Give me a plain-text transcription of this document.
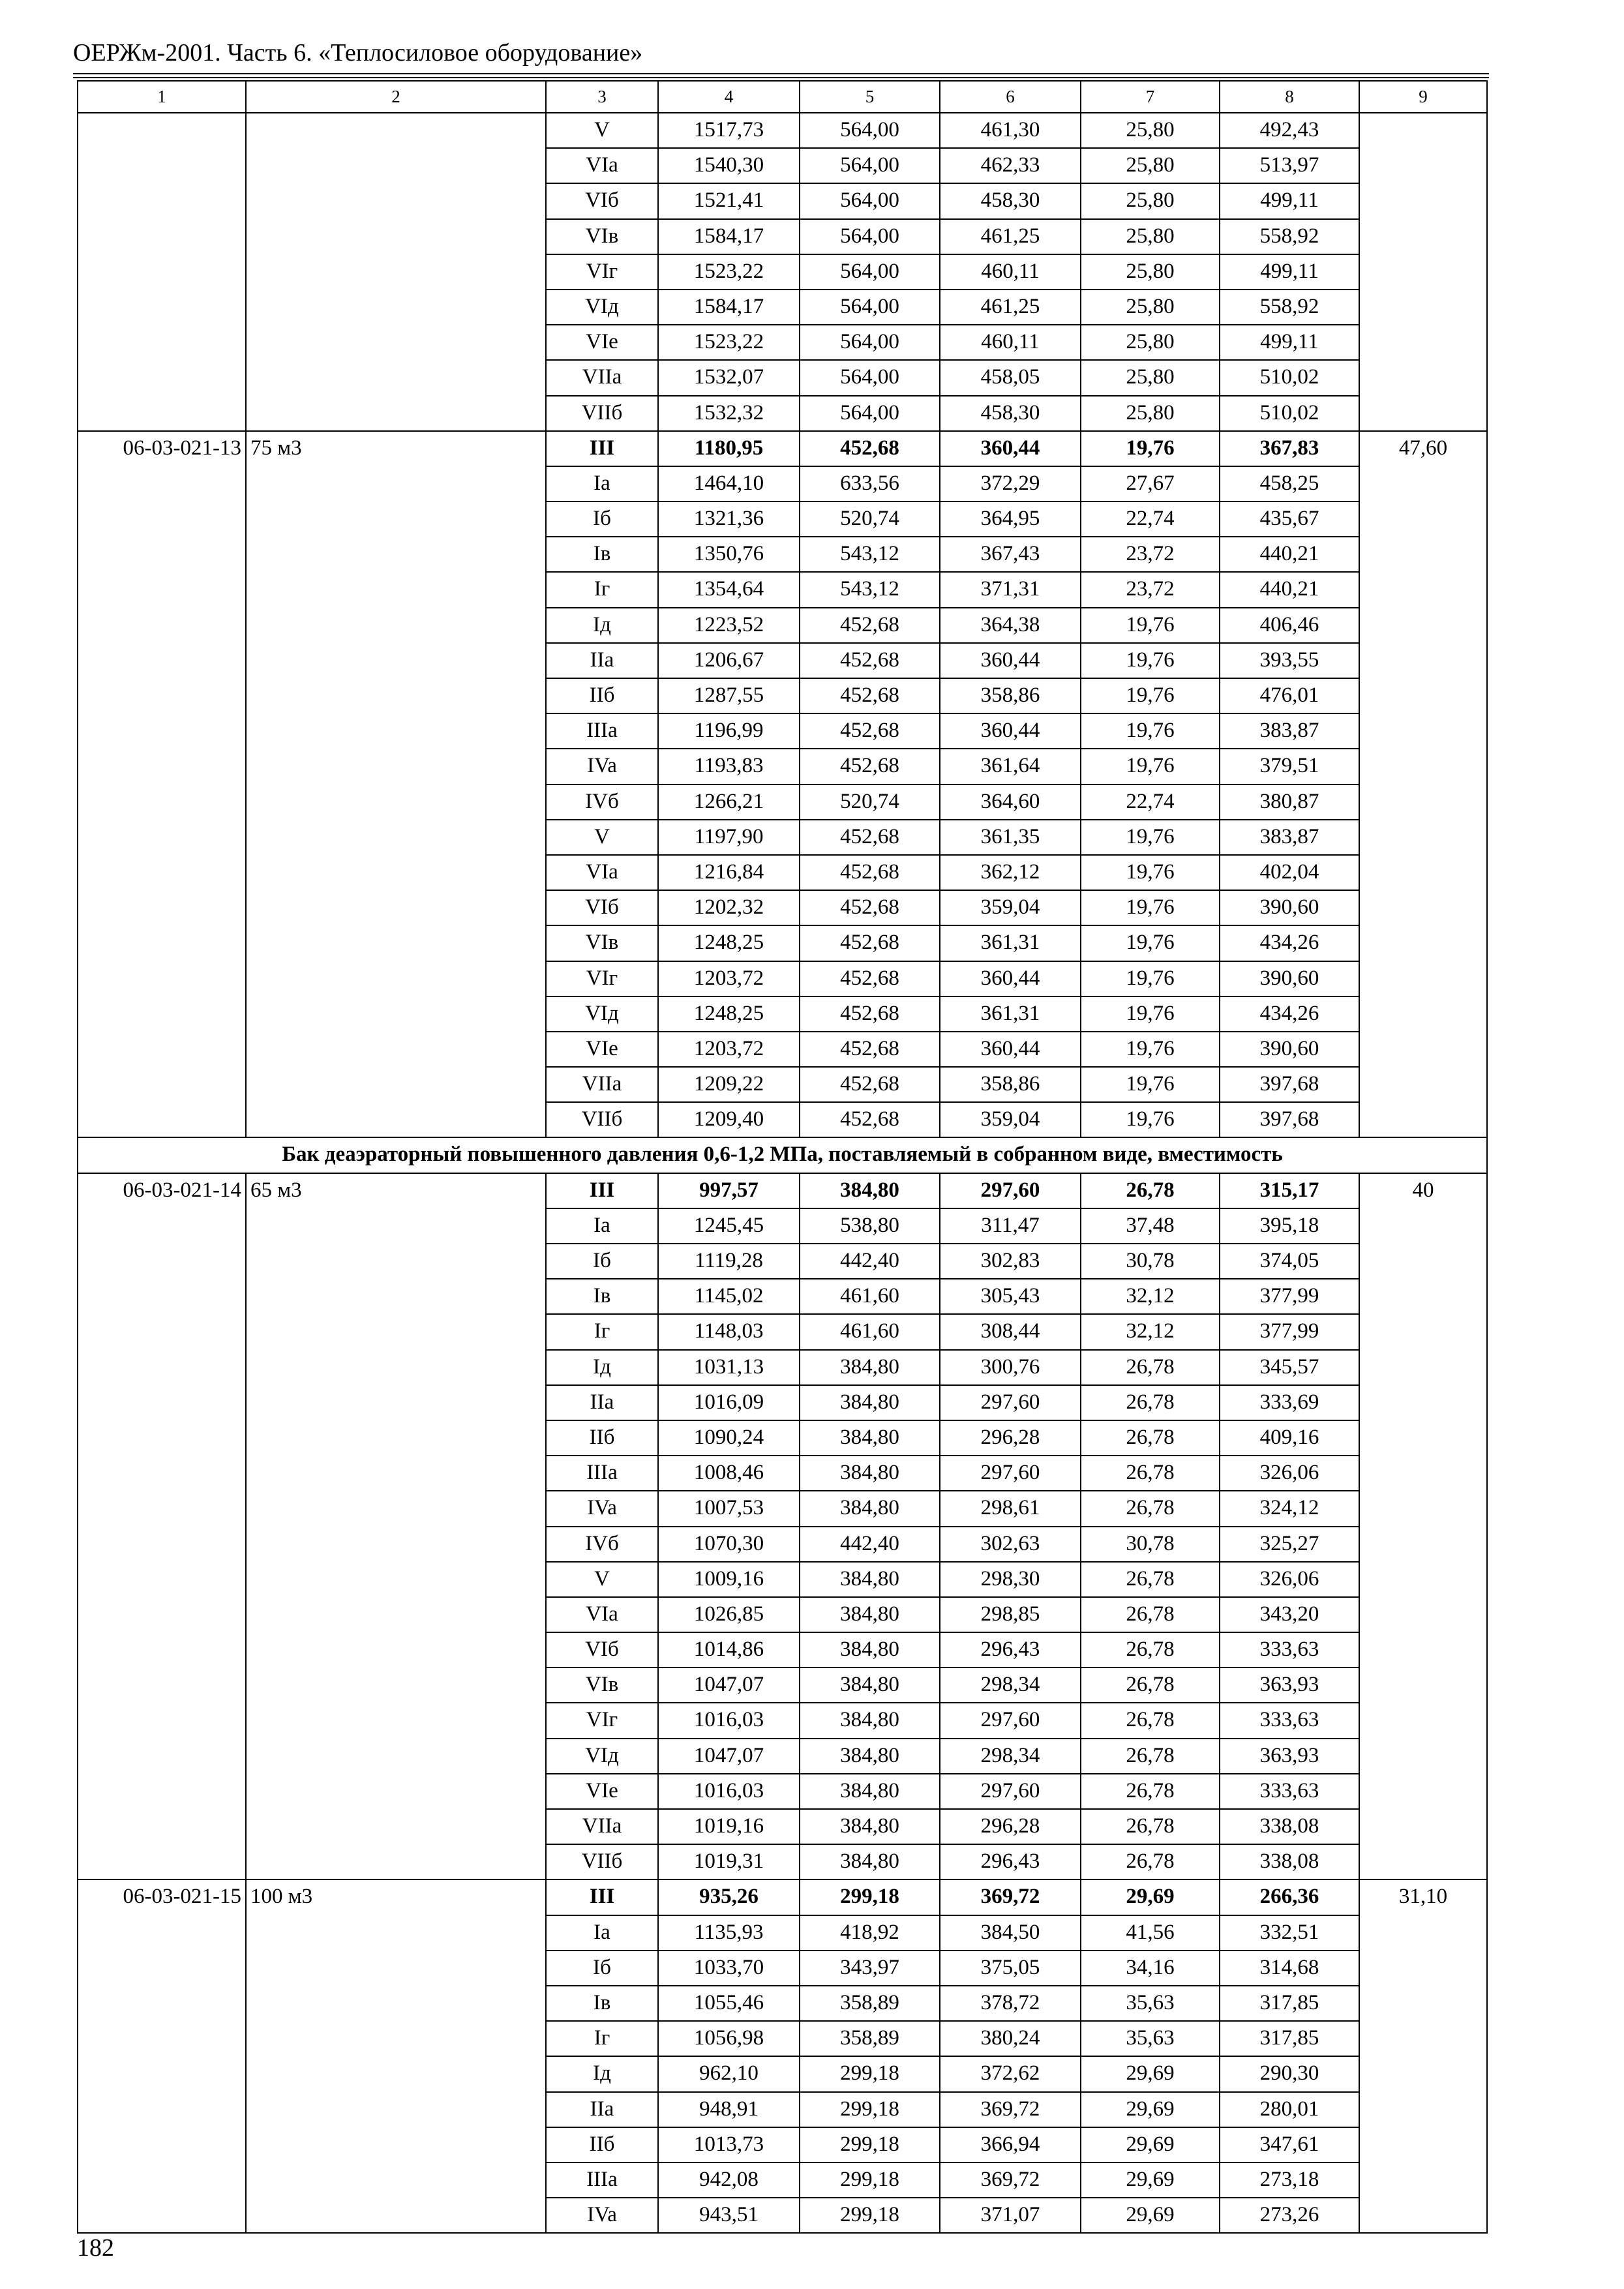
ОЕРЖм-2001. Часть 6. «Теплосиловое оборудование»
1	2	3	4	5	6	7	8	9
		V	1517,73	564,00	461,30	25,80	492,43	
		VIa	1540,30	564,00	462,33	25,80	513,97	
		VIб	1521,41	564,00	458,30	25,80	499,11	
		VIв	1584,17	564,00	461,25	25,80	558,92	
		VIг	1523,22	564,00	460,11	25,80	499,11	
		VIд	1584,17	564,00	461,25	25,80	558,92	
		VIе	1523,22	564,00	460,11	25,80	499,11	
		VIIa	1532,07	564,00	458,05	25,80	510,02	
		VIIб	1532,32	564,00	458,30	25,80	510,02	
06-03-021-13	75 м3	III	1180,95	452,68	360,44	19,76	367,83	47,60
		Ia	1464,10	633,56	372,29	27,67	458,25	
		Iб	1321,36	520,74	364,95	22,74	435,67	
		Iв	1350,76	543,12	367,43	23,72	440,21	
		Iг	1354,64	543,12	371,31	23,72	440,21	
		Iд	1223,52	452,68	364,38	19,76	406,46	
		IIa	1206,67	452,68	360,44	19,76	393,55	
		IIб	1287,55	452,68	358,86	19,76	476,01	
		IIIa	1196,99	452,68	360,44	19,76	383,87	
		IVa	1193,83	452,68	361,64	19,76	379,51	
		IVб	1266,21	520,74	364,60	22,74	380,87	
		V	1197,90	452,68	361,35	19,76	383,87	
		VIa	1216,84	452,68	362,12	19,76	402,04	
		VIб	1202,32	452,68	359,04	19,76	390,60	
		VIв	1248,25	452,68	361,31	19,76	434,26	
		VIг	1203,72	452,68	360,44	19,76	390,60	
		VIд	1248,25	452,68	361,31	19,76	434,26	
		VIе	1203,72	452,68	360,44	19,76	390,60	
		VIIa	1209,22	452,68	358,86	19,76	397,68	
		VIIб	1209,40	452,68	359,04	19,76	397,68	
Бак деаэраторный повышенного давления 0,6-1,2 МПа, поставляемый в собранном виде, вместимость								
06-03-021-14	65 м3	III	997,57	384,80	297,60	26,78	315,17	40
		Ia	1245,45	538,80	311,47	37,48	395,18	
		Iб	1119,28	442,40	302,83	30,78	374,05	
		Iв	1145,02	461,60	305,43	32,12	377,99	
		Iг	1148,03	461,60	308,44	32,12	377,99	
		Iд	1031,13	384,80	300,76	26,78	345,57	
		IIa	1016,09	384,80	297,60	26,78	333,69	
		IIб	1090,24	384,80	296,28	26,78	409,16	
		IIIa	1008,46	384,80	297,60	26,78	326,06	
		IVa	1007,53	384,80	298,61	26,78	324,12	
		IVб	1070,30	442,40	302,63	30,78	325,27	
		V	1009,16	384,80	298,30	26,78	326,06	
		VIa	1026,85	384,80	298,85	26,78	343,20	
		VIб	1014,86	384,80	296,43	26,78	333,63	
		VIв	1047,07	384,80	298,34	26,78	363,93	
		VIг	1016,03	384,80	297,60	26,78	333,63	
		VIд	1047,07	384,80	298,34	26,78	363,93	
		VIе	1016,03	384,80	297,60	26,78	333,63	
		VIIa	1019,16	384,80	296,28	26,78	338,08	
		VIIб	1019,31	384,80	296,43	26,78	338,08	
06-03-021-15	100 м3	III	935,26	299,18	369,72	29,69	266,36	31,10
		Ia	1135,93	418,92	384,50	41,56	332,51	
		Iб	1033,70	343,97	375,05	34,16	314,68	
		Iв	1055,46	358,89	378,72	35,63	317,85	
		Iг	1056,98	358,89	380,24	35,63	317,85	
		Iд	962,10	299,18	372,62	29,69	290,30	
		IIa	948,91	299,18	369,72	29,69	280,01	
		IIб	1013,73	299,18	366,94	29,69	347,61	
		IIIa	942,08	299,18	369,72	29,69	273,18	
		IVa	943,51	299,18	371,07	29,69	273,26	
182
